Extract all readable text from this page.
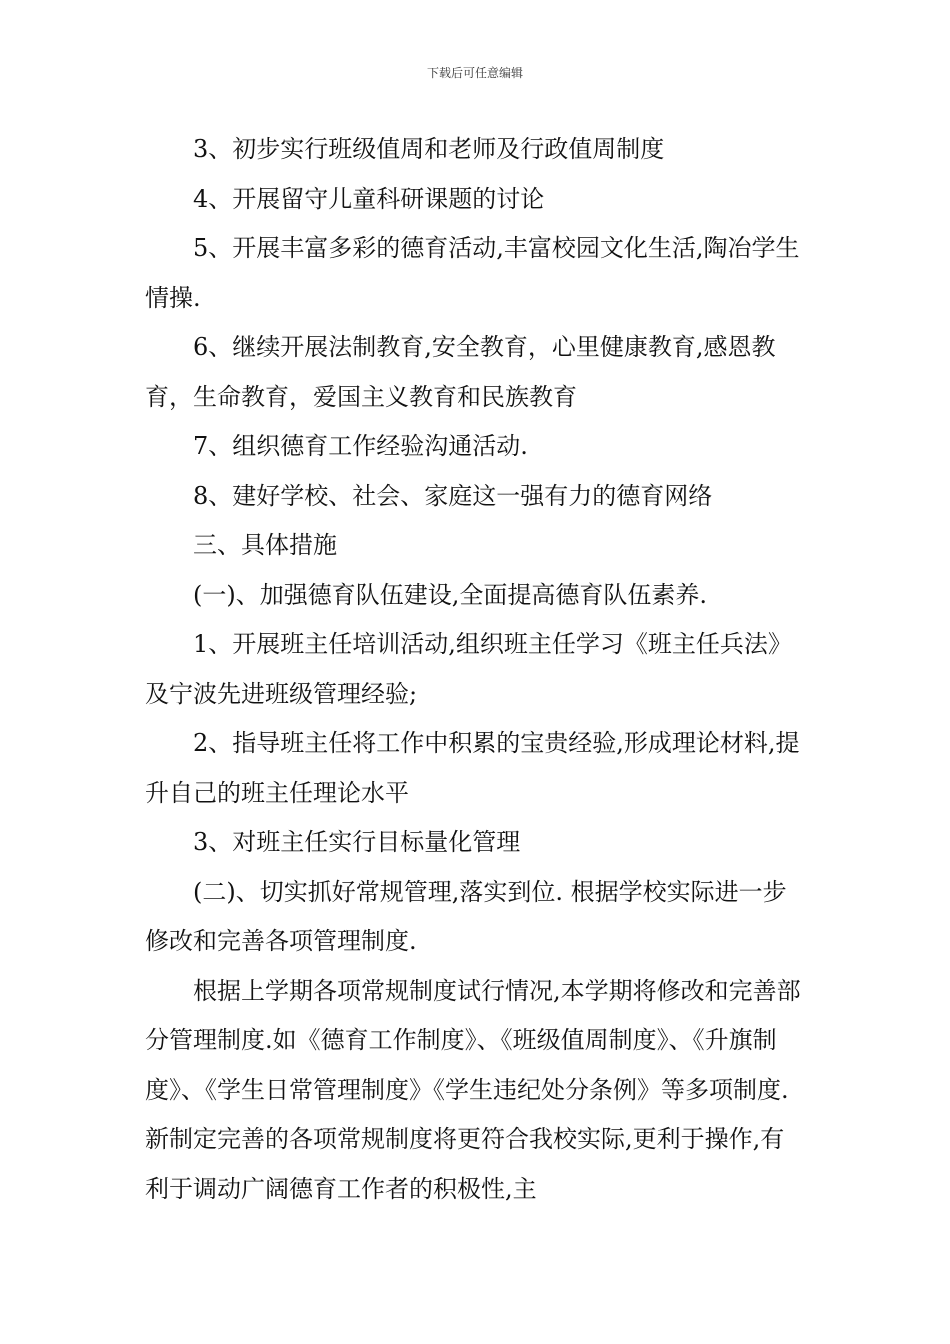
下载后可任意编辑

3、初步实行班级值周和老师及行政值周制度

4、开展留守儿童科研课题的讨论

5、开展丰富多彩的德育活动,丰富校园文化生活,陶冶学生情操.

6、继续开展法制教育,安全教育，心里健康教育,感恩教育，生命教育，爱国主义教育和民族教育

7、组织德育工作经验沟通活动.

8、建好学校、社会、家庭这一强有力的德育网络

三、具体措施

(一)、加强德育队伍建设,全面提高德育队伍素养.

1、开展班主任培训活动,组织班主任学习《班主任兵法》及宁波先进班级管理经验;

2、指导班主任将工作中积累的宝贵经验,形成理论材料,提升自己的班主任理论水平

3、对班主任实行目标量化管理

(二)、切实抓好常规管理,落实到位. 根据学校实际进一步修改和完善各项管理制度.

根据上学期各项常规制度试行情况,本学期将修改和完善部分管理制度.如《德育工作制度》、《班级值周制度》、《升旗制度》、《学生日常管理制度》《学生违纪处分条例》等多项制度.新制定完善的各项常规制度将更符合我校实际,更利于操作,有利于调动广阔德育工作者的积极性,主
